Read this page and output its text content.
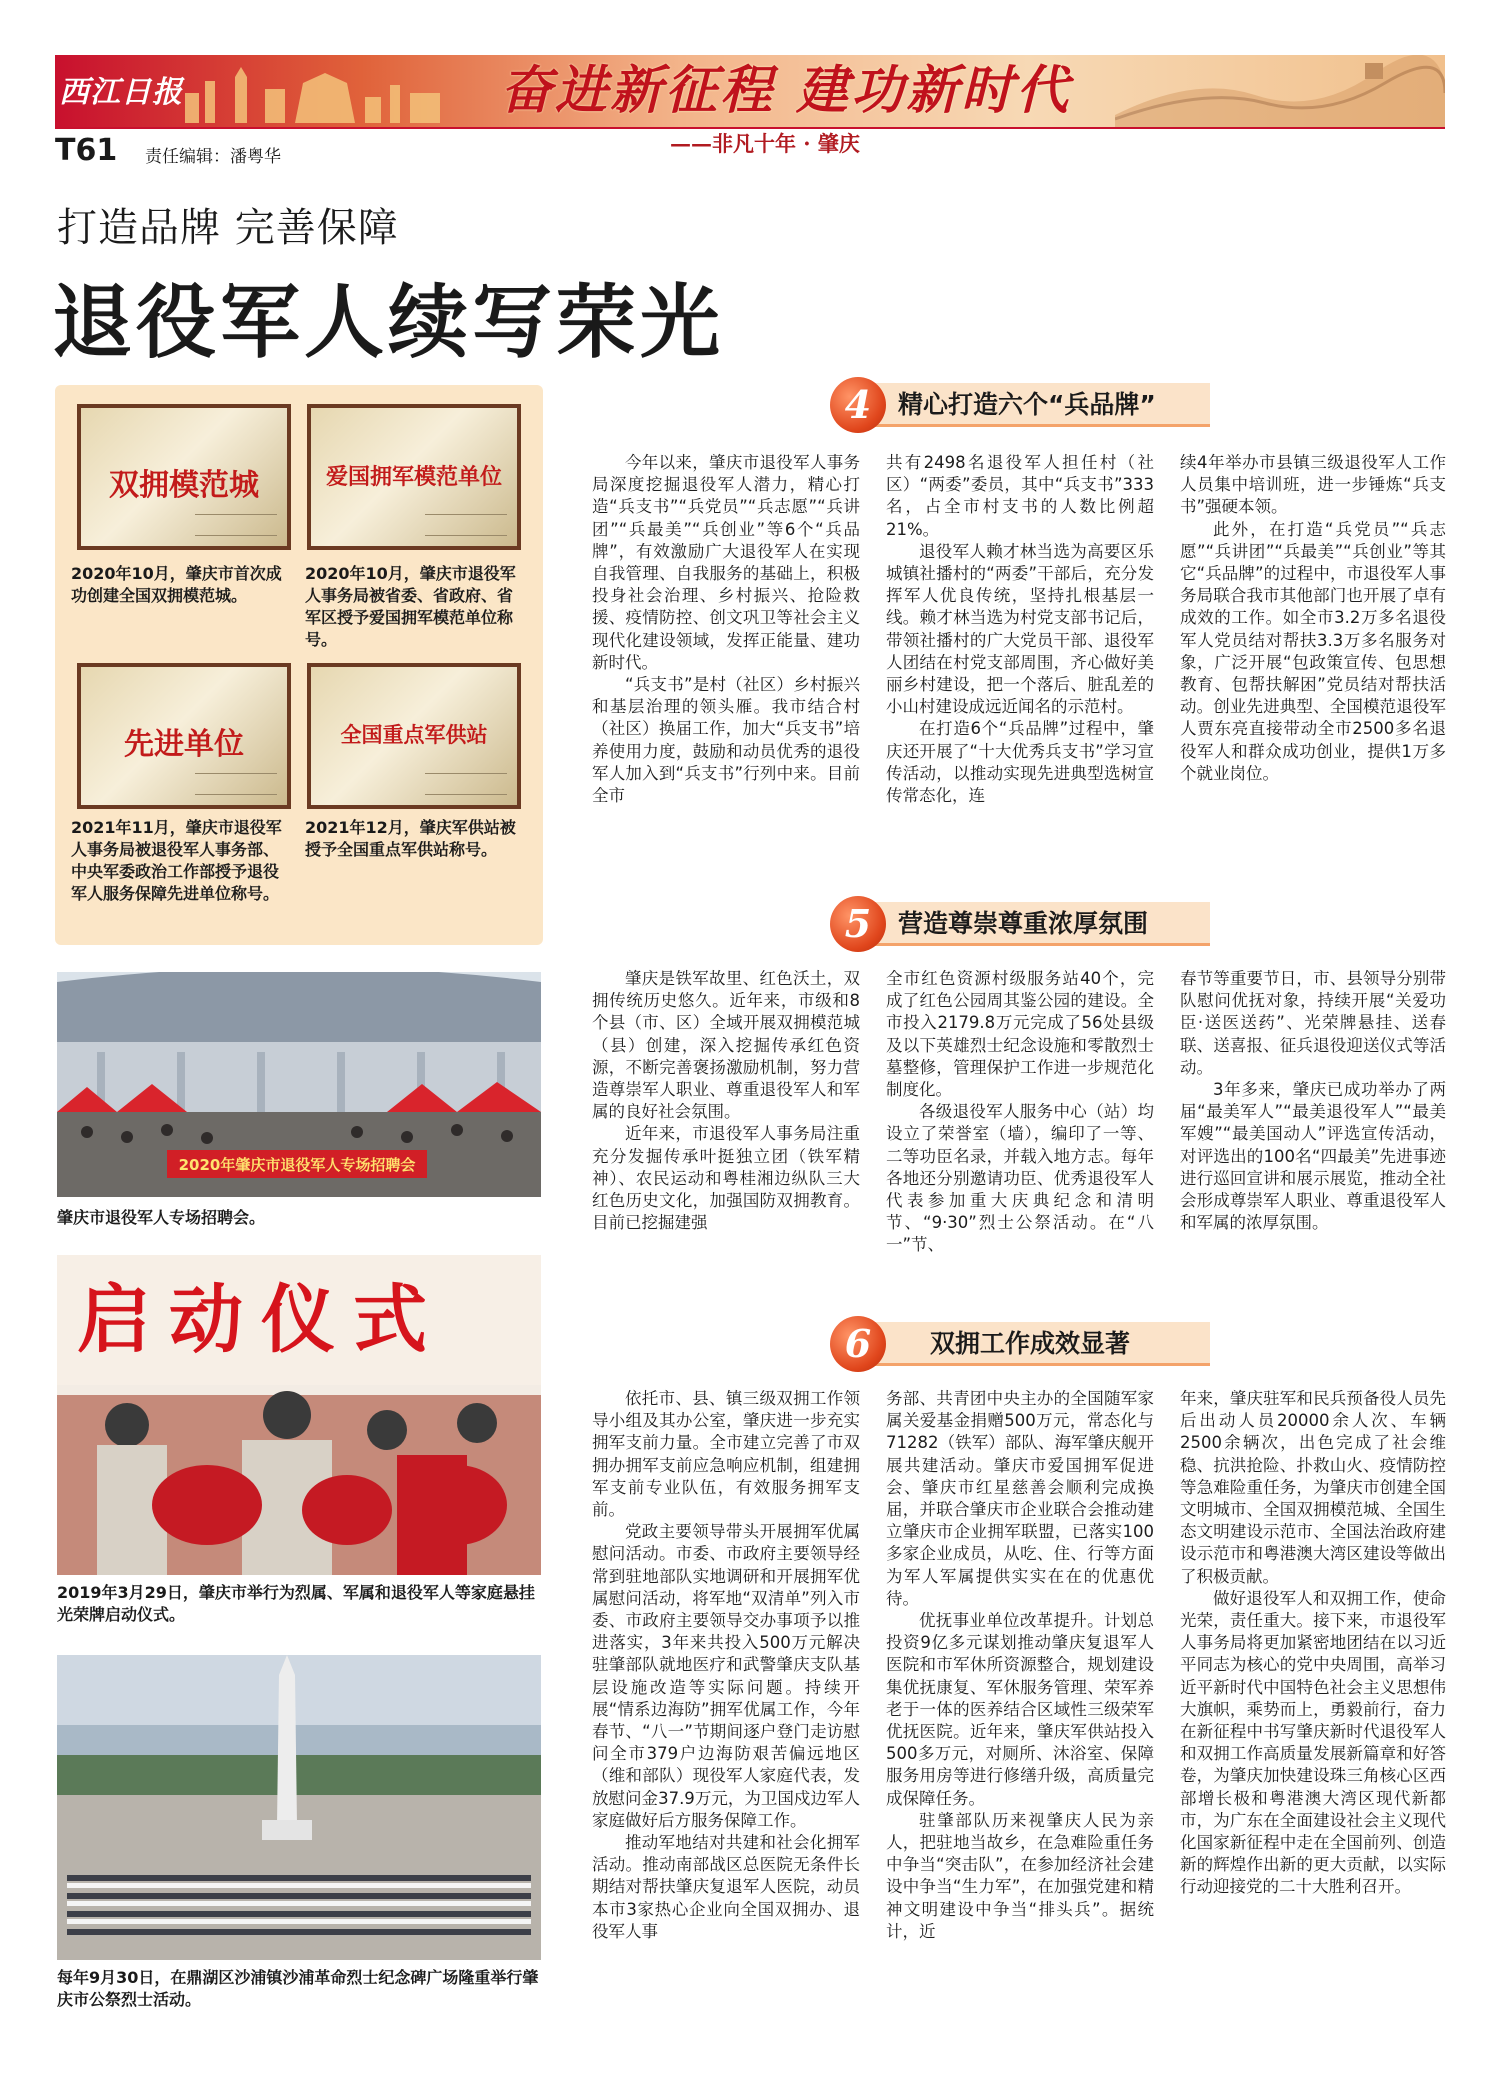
西江日报	奋进新征程 建功新时代
——非凡十年 · 肇庆
T61 责任编辑：潘粤华
打造品牌 完善保障
退役军人续写荣光
双拥模范城	爱国拥军模范单位
2020年10月，肇庆市首次成功创建全国双拥模范城。
2020年10月，肇庆市退役军人事务局被省委、省政府、省军区授予爱国拥军模范单位称号。
先进单位	全国重点军供站
2021年11月，肇庆市退役军人事务局被退役军人事务部、中央军委政治工作部授予退役军人服务保障先进单位称号。
2021年12月，肇庆军供站被授予全国重点军供站称号。
2020年肇庆市退役军人专场招聘会
肇庆市退役军人专场招聘会。
启动仪式
2019年3月29日，肇庆市举行为烈属、军属和退役军人等家庭悬挂光荣牌启动仪式。
每年9月30日，在鼎湖区沙浦镇沙浦革命烈士纪念碑广场隆重举行肇庆市公祭烈士活动。
4	精心打造六个“兵品牌”

今年以来，肇庆市退役军人事务局深度挖掘退役军人潜力，精心打造“兵支书”“兵党员”“兵志愿”“兵讲团”“兵最美”“兵创业”等6个“兵品牌”，有效激励广大退役军人在实现自我管理、自我服务的基础上，积极投身社会治理、乡村振兴、抢险救援、疫情防控、创文巩卫等社会主义现代化建设领域，发挥正能量、建功新时代。

“兵支书”是村（社区）乡村振兴和基层治理的领头雁。我市结合村（社区）换届工作，加大“兵支书”培养使用力度，鼓励和动员优秀的退役军人加入到“兵支书”行列中来。目前全市

共有2498名退役军人担任村（社区）“两委”委员，其中“兵支书”333名，占全市村支书的人数比例超21%。

退役军人赖才林当选为高要区乐城镇社播村的“两委”干部后，充分发挥军人优良传统，坚持扎根基层一线。赖才林当选为村党支部书记后，带领社播村的广大党员干部、退役军人团结在村党支部周围，齐心做好美丽乡村建设，把一个落后、脏乱差的小山村建设成远近闻名的示范村。

在打造6个“兵品牌”过程中，肇庆还开展了“十大优秀兵支书”学习宣传活动，以推动实现先进典型选树宣传常态化，连

续4年举办市县镇三级退役军人工作人员集中培训班，进一步锤炼“兵支书”强硬本领。

此外，在打造“兵党员”“兵志愿”“兵讲团”“兵最美”“兵创业”等其它“兵品牌”的过程中，市退役军人事务局联合我市其他部门也开展了卓有成效的工作。如全市3.2万多名退役军人党员结对帮扶3.3万多名服务对象，广泛开展“包政策宣传、包思想教育、包帮扶解困”党员结对帮扶活动。创业先进典型、全国模范退役军人贾东亮直接带动全市2500多名退役军人和群众成功创业，提供1万多个就业岗位。

5	营造尊崇尊重浓厚氛围

肇庆是铁军故里、红色沃土，双拥传统历史悠久。近年来，市级和8个县（市、区）全域开展双拥模范城（县）创建，深入挖掘传承红色资源，不断完善褒扬激励机制，努力营造尊崇军人职业、尊重退役军人和军属的良好社会氛围。

近年来，市退役军人事务局注重充分发掘传承叶挺独立团（铁军精神）、农民运动和粤桂湘边纵队三大红色历史文化，加强国防双拥教育。目前已挖掘建强

全市红色资源村级服务站40个，完成了红色公园周其鉴公园的建设。全市投入2179.8万元完成了56处县级及以下英雄烈士纪念设施和零散烈士墓整修，管理保护工作进一步规范化制度化。

各级退役军人服务中心（站）均设立了荣誉室（墙），编印了一等、二等功臣名录，并载入地方志。每年各地还分别邀请功臣、优秀退役军人代表参加重大庆典纪念和清明节、“9·30”烈士公祭活动。在“八一”节、

春节等重要节日，市、县领导分别带队慰问优抚对象，持续开展“关爱功臣·送医送药”、光荣牌悬挂、送春联、送喜报、征兵退役迎送仪式等活动。

3年多来，肇庆已成功举办了两届“最美军人”“最美退役军人”“最美军嫂”“最美国动人”评选宣传活动，对评选出的100名“四最美”先进事迹进行巡回宣讲和展示展览，推动全社会形成尊崇军人职业、尊重退役军人和军属的浓厚氛围。

6	双拥工作成效显著

依托市、县、镇三级双拥工作领导小组及其办公室，肇庆进一步充实拥军支前力量。全市建立完善了市双拥办拥军支前应急响应机制，组建拥军支前专业队伍，有效服务拥军支前。

党政主要领导带头开展拥军优属慰问活动。市委、市政府主要领导经常到驻地部队实地调研和开展拥军优属慰问活动，将军地“双清单”列入市委、市政府主要领导交办事项予以推进落实，3年来共投入500万元解决驻肇部队就地医疗和武警肇庆支队基层设施改造等实际问题。持续开展“情系边海防”拥军优属工作，今年春节、“八一”节期间逐户登门走访慰问全市379户边海防艰苦偏远地区（维和部队）现役军人家庭代表，发放慰问金37.9万元，为卫国戍边军人家庭做好后方服务保障工作。

推动军地结对共建和社会化拥军活动。推动南部战区总医院无条件长期结对帮扶肇庆复退军人医院，动员本市3家热心企业向全国双拥办、退役军人事

务部、共青团中央主办的全国随军家属关爱基金捐赠500万元，常态化与71282（铁军）部队、海军肇庆舰开展共建活动。肇庆市爱国拥军促进会、肇庆市红星慈善会顺利完成换届，并联合肇庆市企业联合会推动建立肇庆市企业拥军联盟，已落实100多家企业成员，从吃、住、行等方面为军人军属提供实实在在的优惠优待。

优抚事业单位改革提升。计划总投资9亿多元谋划推动肇庆复退军人医院和市军休所资源整合，规划建设集优抚康复、军休服务管理、荣军养老于一体的医养结合区域性三级荣军优抚医院。近年来，肇庆军供站投入500多万元，对厕所、沐浴室、保障服务用房等进行修缮升级，高质量完成保障任务。

驻肇部队历来视肇庆人民为亲人，把驻地当故乡，在急难险重任务中争当“突击队”，在参加经济社会建设中争当“生力军”，在加强党建和精神文明建设中争当“排头兵”。据统计，近

年来，肇庆驻军和民兵预备役人员先后出动人员20000余人次、车辆2500余辆次，出色完成了社会维稳、抗洪抢险、扑救山火、疫情防控等急难险重任务，为肇庆市创建全国文明城市、全国双拥模范城、全国生态文明建设示范市、全国法治政府建设示范市和粤港澳大湾区建设等做出了积极贡献。

做好退役军人和双拥工作，使命光荣，责任重大。接下来，市退役军人事务局将更加紧密地团结在以习近平同志为核心的党中央周围，高举习近平新时代中国特色社会主义思想伟大旗帜，乘势而上，勇毅前行，奋力在新征程中书写肇庆新时代退役军人和双拥工作高质量发展新篇章和好答卷，为肇庆加快建设珠三角核心区西部增长极和粤港澳大湾区现代新都市，为广东在全面建设社会主义现代化国家新征程中走在全国前列、创造新的辉煌作出新的更大贡献，以实际行动迎接党的二十大胜利召开。
